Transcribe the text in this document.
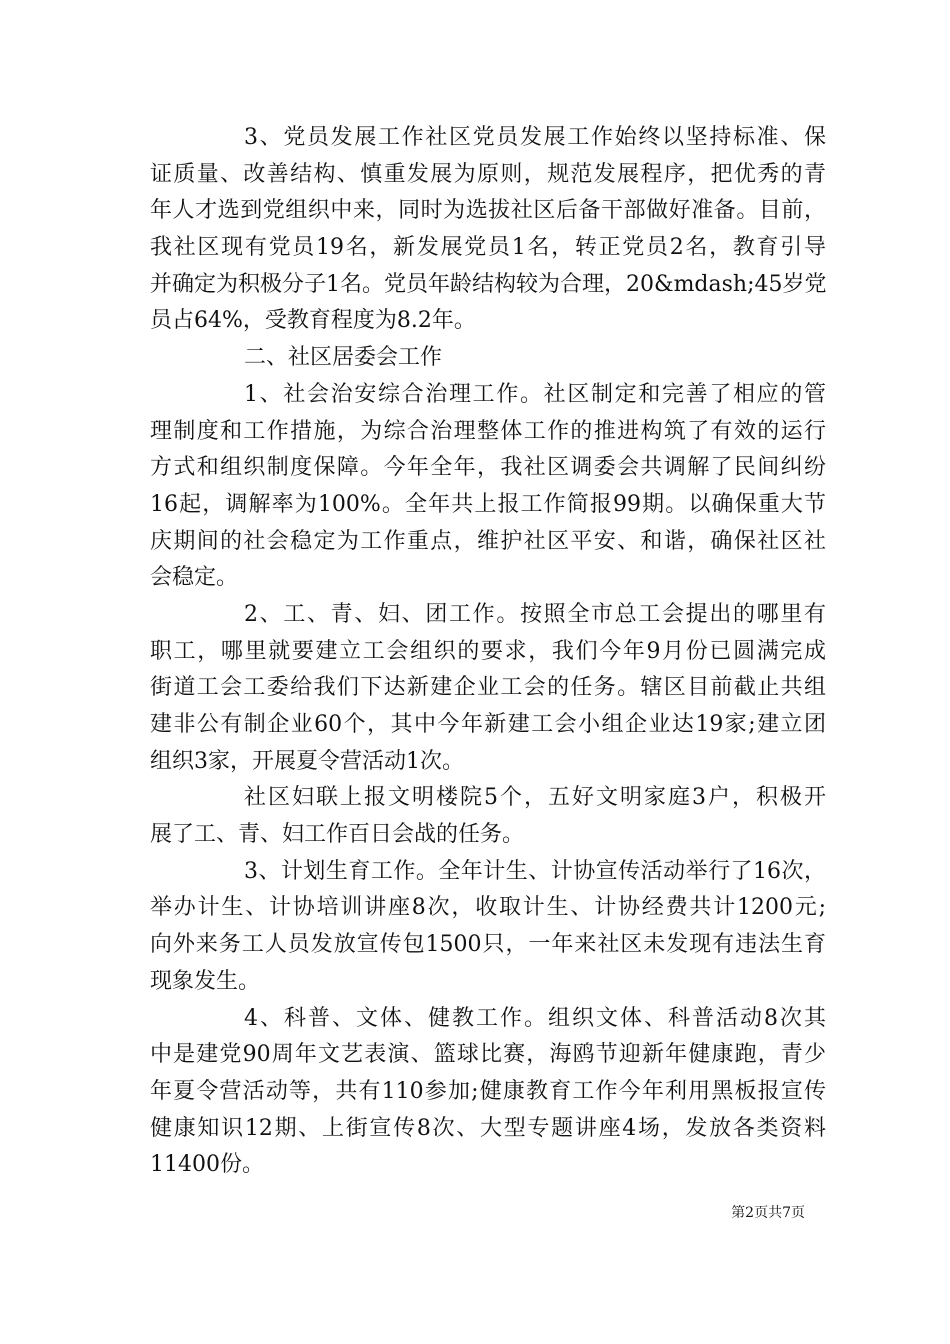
3、党员发展工作社区党员发展工作始终以坚持标准、保
证质量、改善结构、慎重发展为原则，规范发展程序，把优秀的青
年人才选到党组织中来，同时为选拔社区后备干部做好准备。目前，
我社区现有党员19名，新发展党员1名，转正党员2名，教育引导
并确定为积极分子1名。党员年龄结构较为合理，20&mdash;45岁党
员占64%，受教育程度为8.2年。
二、社区居委会工作
1、社会治安综合治理工作。社区制定和完善了相应的管
理制度和工作措施，为综合治理整体工作的推进构筑了有效的运行
方式和组织制度保障。今年全年，我社区调委会共调解了民间纠纷
16起，调解率为100%。全年共上报工作简报99期。以确保重大节
庆期间的社会稳定为工作重点，维护社区平安、和谐，确保社区社
会稳定。
2、工、青、妇、团工作。按照全市总工会提出的哪里有
职工，哪里就要建立工会组织的要求，我们今年9月份已圆满完成
街道工会工委给我们下达新建企业工会的任务。辖区目前截止共组
建非公有制企业60个，其中今年新建工会小组企业达19家;建立团
组织3家，开展夏令营活动1次。
社区妇联上报文明楼院5个，五好文明家庭3户，积极开
展了工、青、妇工作百日会战的任务。
3、计划生育工作。全年计生、计协宣传活动举行了16次，
举办计生、计协培训讲座8次，收取计生、计协经费共计1200元;
向外来务工人员发放宣传包1500只，一年来社区未发现有违法生育
现象发生。
4、科普、文体、健教工作。组织文体、科普活动8次其
中是建党90周年文艺表演、篮球比赛，海鸥节迎新年健康跑，青少
年夏令营活动等，共有110参加;健康教育工作今年利用黑板报宣传
健康知识12期、上街宣传8次、大型专题讲座4场，发放各类资料
11400份。
第2页共7页
